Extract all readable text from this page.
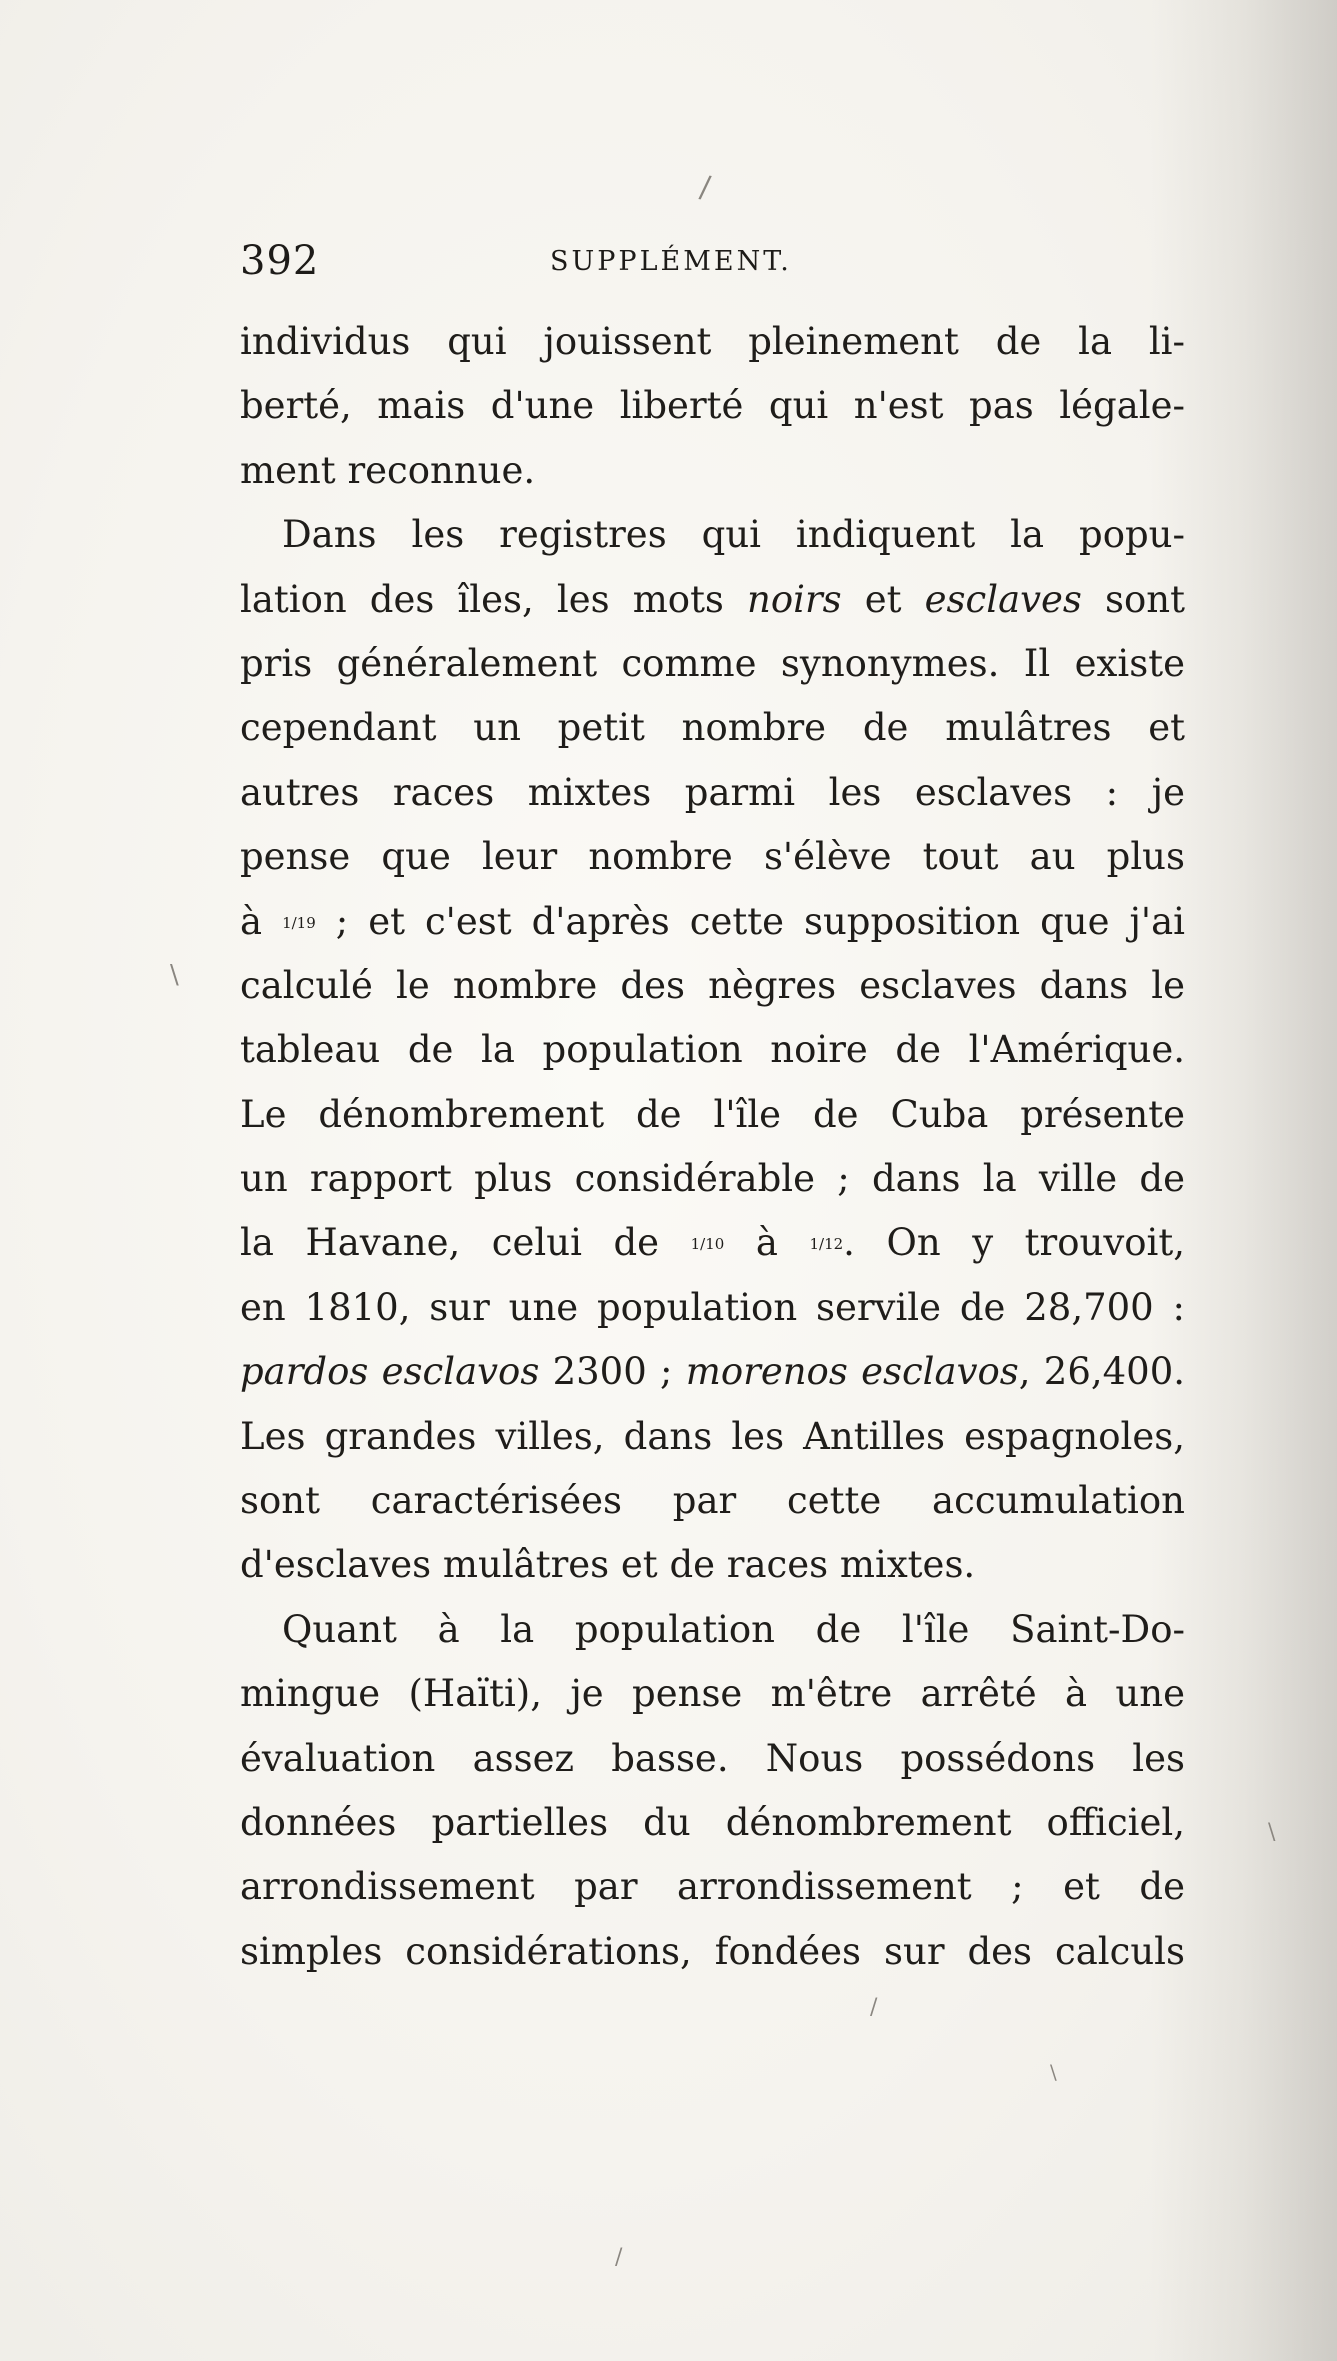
/
\
\
/
\
/
392	SUPPLÉMENT.
individus qui jouissent pleinement de la li-
berté, mais d'une liberté qui n'est pas légale-
ment reconnue.
Dans les registres qui indiquent la popu-
lation des îles, les mots noirs et esclaves sont
pris généralement comme synonymes. Il existe
cependant un petit nombre de mulâtres et
autres races mixtes parmi les esclaves : je
pense que leur nombre s'élève tout au plus
à 1/19 ; et c'est d'après cette supposition que j'ai
calculé le nombre des nègres esclaves dans le
tableau de la population noire de l'Amérique.
Le dénombrement de l'île de Cuba présente
un rapport plus considérable ; dans la ville de
la Havane, celui de 1/10 à 1/12. On y trouvoit,
en 1810, sur une population servile de 28,700 :
pardos esclavos 2300 ; morenos esclavos, 26,400.
Les grandes villes, dans les Antilles espagnoles,
sont caractérisées par cette accumulation
d'esclaves mulâtres et de races mixtes.
Quant à la population de l'île Saint-Do-
mingue (Haïti), je pense m'être arrêté à une
évaluation assez basse. Nous possédons les
données partielles du dénombrement officiel,
arrondissement par arrondissement ; et de
simples considérations, fondées sur des calculs
